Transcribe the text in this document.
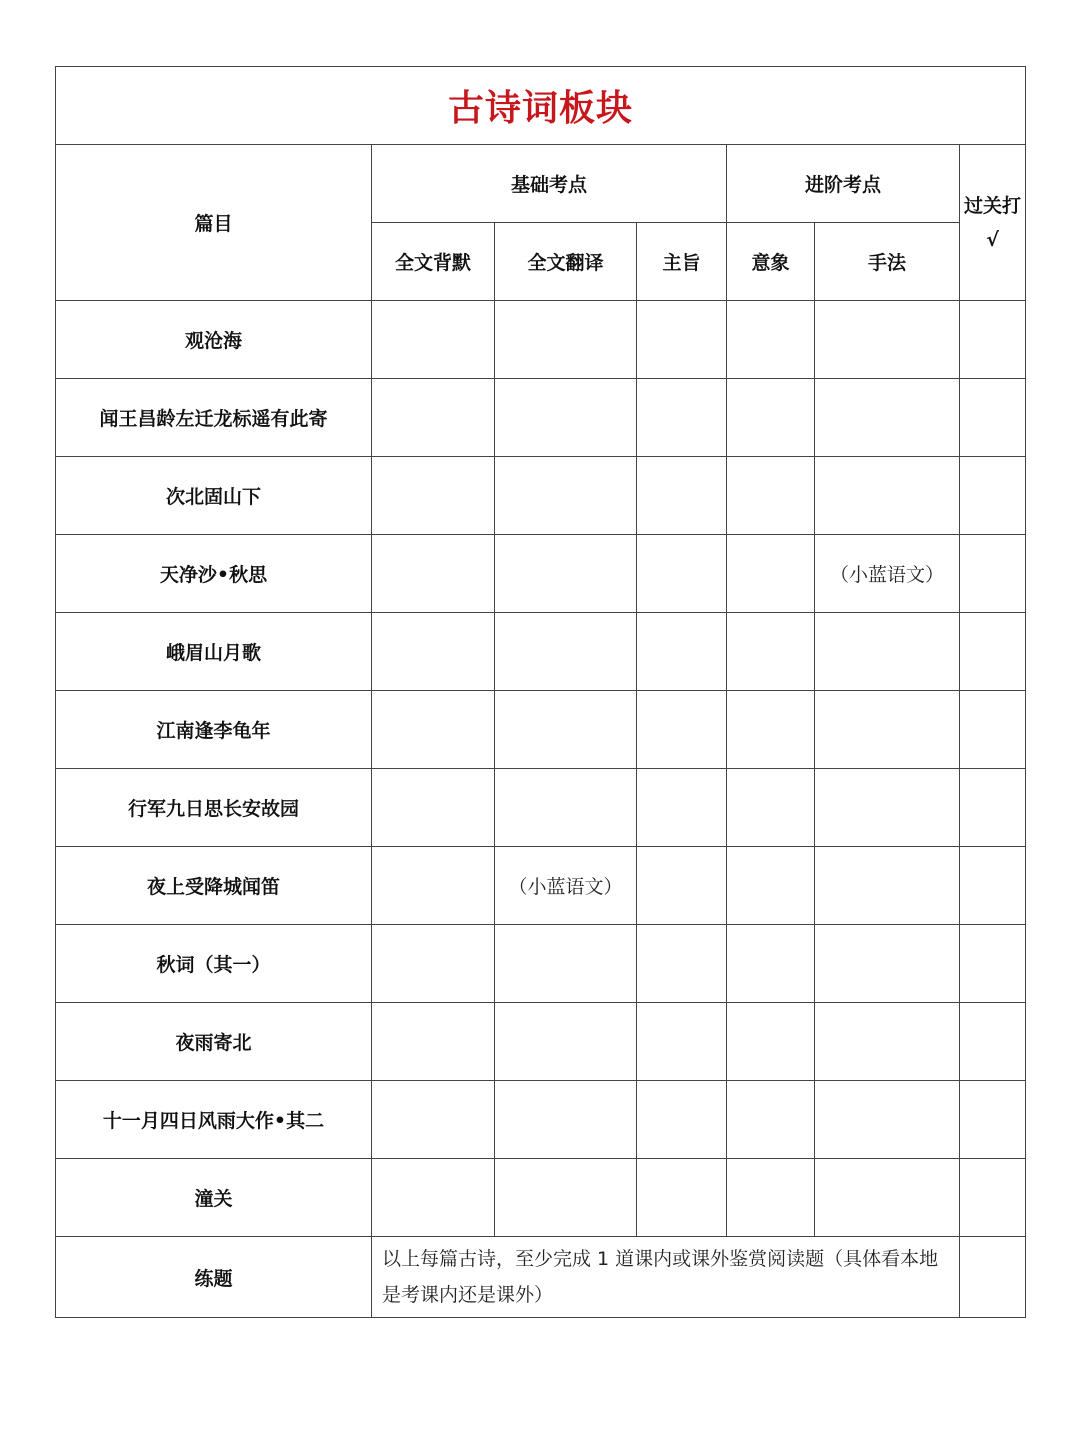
古诗词板块						
篇目	基础考点			进阶考点		过关打√
	全文背默	全文翻译	主旨	意象	手法	
观沧海						
闻王昌龄左迁龙标遥有此寄						
次北固山下						
天净沙•秋思					（小蓝语文）	
峨眉山月歌						
江南逢李龟年						
行军九日思长安故园						
夜上受降城闻笛		（小蓝语文）				
秋词（其一）						
夜雨寄北						
十一月四日风雨大作•其二						
潼关						
练题	以上每篇古诗，至少完成 1 道课内或课外鉴赏阅读题（具体看本地是考课内还是课外）					
